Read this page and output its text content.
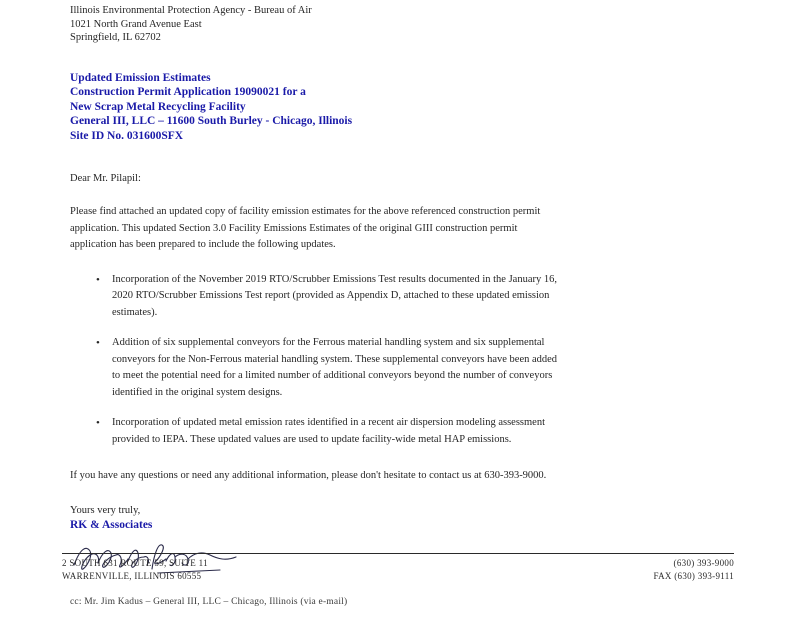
Illinois Environmental Protection Agency - Bureau of Air
1021 North Grand Avenue East
Springfield, IL 62702
Updated Emission Estimates
Construction Permit Application 19090021 for a
New Scrap Metal Recycling Facility
General III, LLC – 11600 South Burley - Chicago, Illinois
Site ID No. 031600SFX
Dear Mr. Pilapil:
Please find attached an updated copy of facility emission estimates for the above referenced construction permit application. This updated Section 3.0 Facility Emissions Estimates of the original GIII construction permit application has been prepared to include the following updates.
• Incorporation of the November 2019 RTO/Scrubber Emissions Test results documented in the January 16, 2020 RTO/Scrubber Emissions Test report (provided as Appendix D, attached to these updated emission estimates).
• Addition of six supplemental conveyors for the Ferrous material handling system and six supplemental conveyors for the Non-Ferrous material handling system. These supplemental conveyors have been added to meet the potential need for a limited number of additional conveyors beyond the number of conveyors identified in the original system designs.
• Incorporation of updated metal emission rates identified in a recent air dispersion modeling assessment provided to IEPA. These updated values are used to update facility-wide metal HAP emissions.
If you have any questions or need any additional information, please don't hesitate to contact us at 630-393-9000.
Yours very truly,
RK & Associates
cc: Mr. Jim Kadus – General III, LLC – Chicago, Illinois (via e-mail)
2 SOUTH 631 ROUTE 59, SUITE 11
WARRENVILLE, ILLINOIS 60555
(630) 393-9000
FAX (630) 393-9111
